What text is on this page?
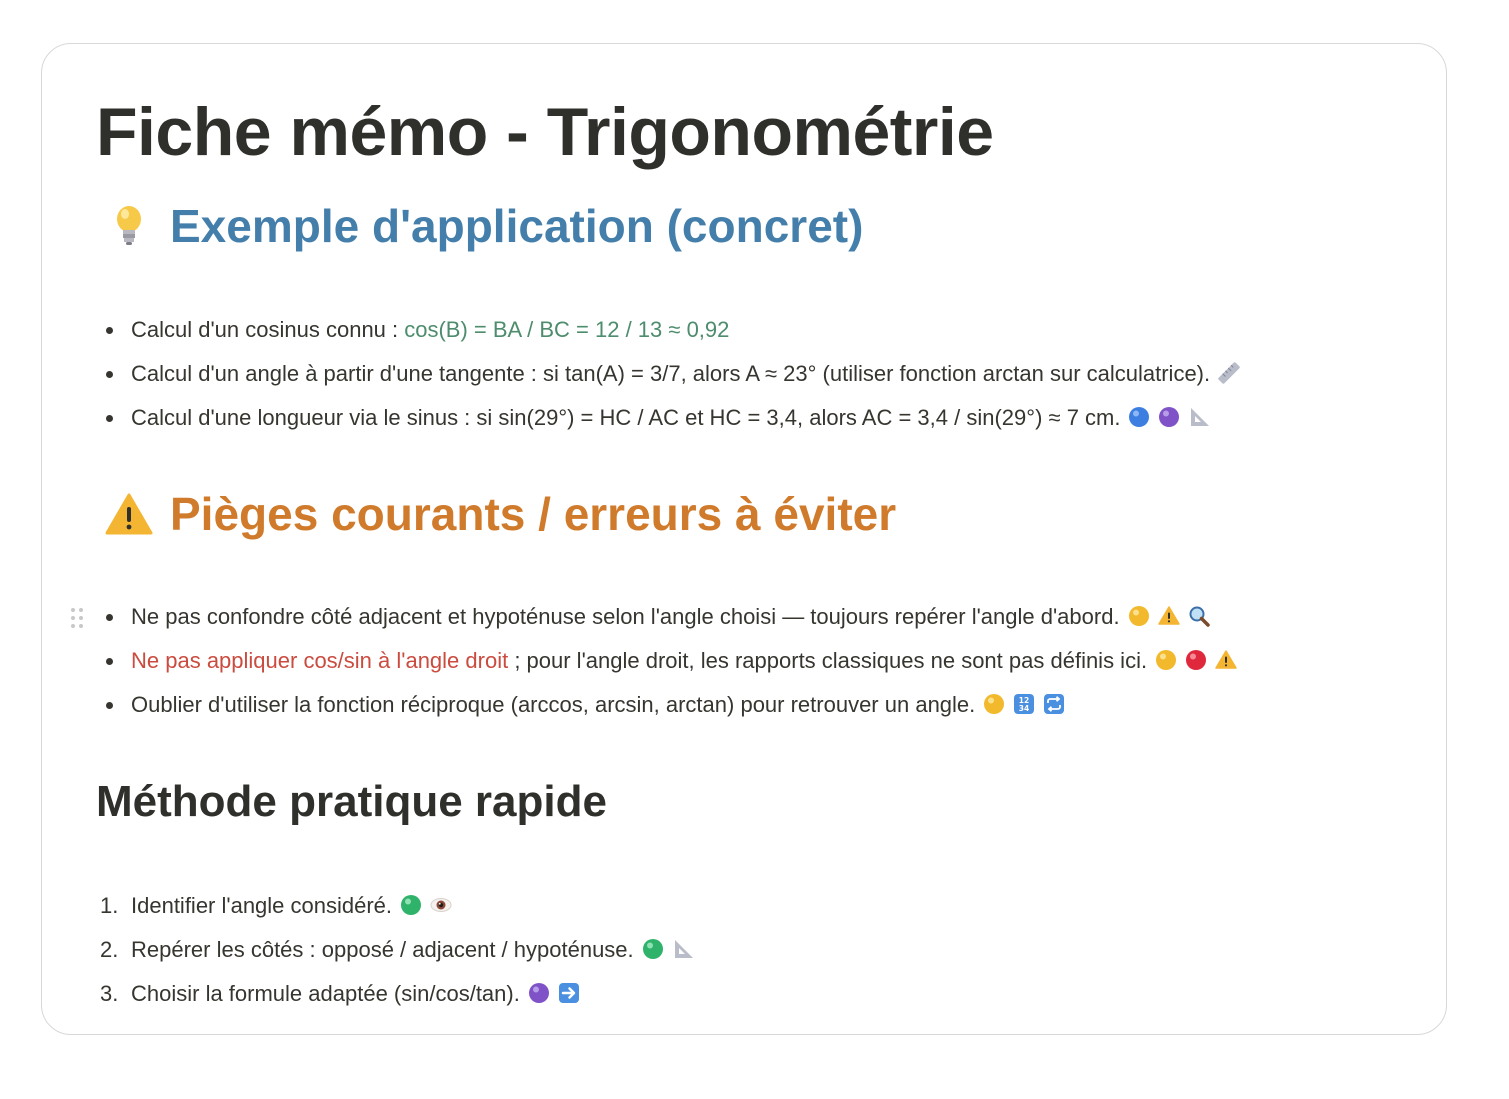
Fiche mémo - Trigonométrie
Exemple d'application (concret)
Calcul d'un cosinus connu : cos(B) = BA / BC = 12 / 13 ≈ 0,92
Calcul d'un angle à partir d'une tangente : si tan(A) = 3/7, alors A ≈ 23° (utiliser fonction arctan sur calculatrice).
Calcul d'une longueur via le sinus : si sin(29°) = HC / AC et HC = 3,4, alors AC = 3,4 / sin(29°) ≈ 7 cm.
Pièges courants / erreurs à éviter
Ne pas confondre côté adjacent et hypoténuse selon l'angle choisi — toujours repérer l'angle d'abord.
Ne pas appliquer cos/sin à l'angle droit ; pour l'angle droit, les rapports classiques ne sont pas définis ici.
Oublier d'utiliser la fonction réciproque (arccos, arcsin, arctan) pour retrouver un angle.	12
34
Méthode pratique rapide
1. Identifier l'angle considéré.
2. Repérer les côtés : opposé / adjacent / hypoténuse.
3. Choisir la formule adaptée (sin/cos/tan).
